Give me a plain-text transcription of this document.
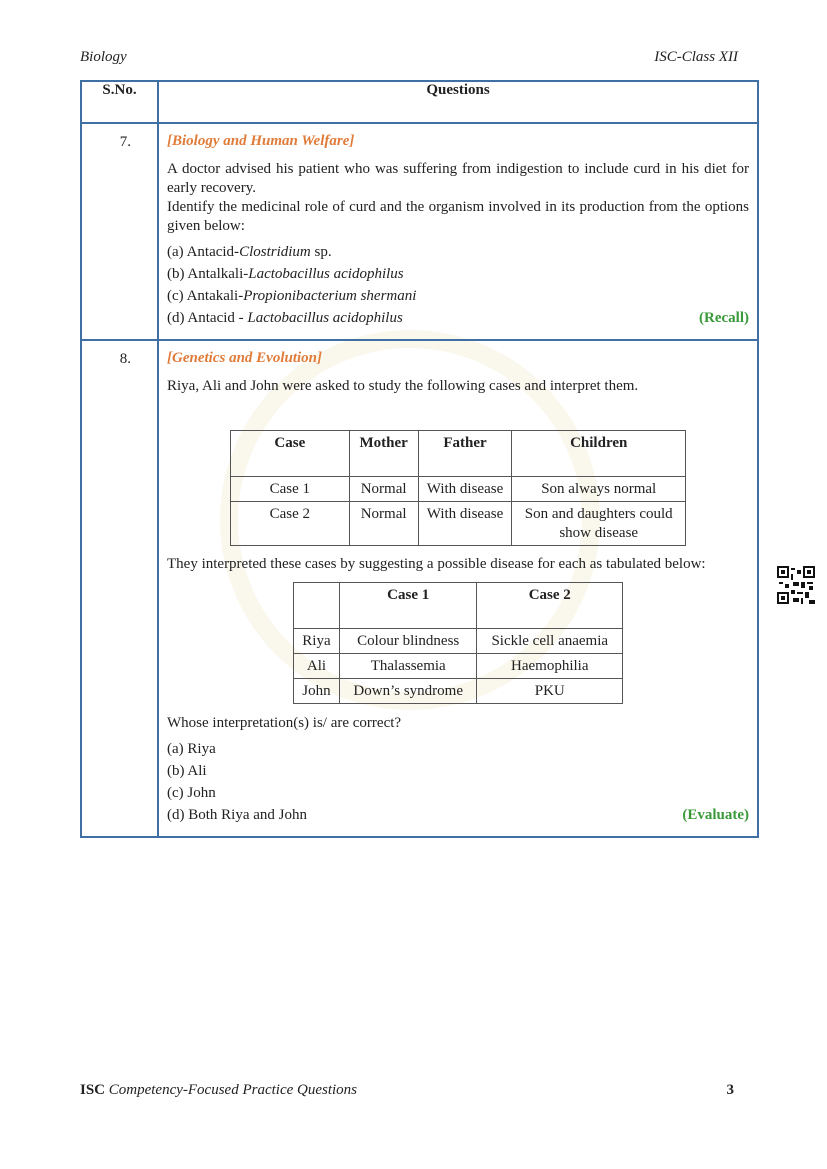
Biology	ISC-Class XII
S.No.	Questions
7.	[Biology and Human Welfare]

A doctor advised his patient who was suffering from indigestion to include curd in his diet for early recovery.

Identify the medicinal role of curd and the organism involved in its production from the options given below:

(a) Antacid-Clostridium sp.

(b) Antalkali-Lactobacillus acidophilus

(c) Antakali-Propionibacterium shermani

(d) Antacid - Lactobacillus acidophilus	(Recall)

8.	[Genetics and Evolution]

Riya, Ali and John were asked to study the following cases and interpret them.

Case	Mother	Father	Children
Case 1	Normal	With disease	Son always normal
Case 2	Normal	With disease	Son and daughters could show disease

They interpreted these cases by suggesting a possible disease for each as tabulated below:

	Case 1	Case 2
Riya	Colour blindness	Sickle cell anaemia
Ali	Thalassemia	Haemophilia
John	Down’s syndrome	PKU

Whose interpretation(s) is/ are correct?

(a) Riya

(b) Ali

(c) John

(d) Both Riya and John	(Evaluate)

ISC Competency-Focused Practice Questions	3
